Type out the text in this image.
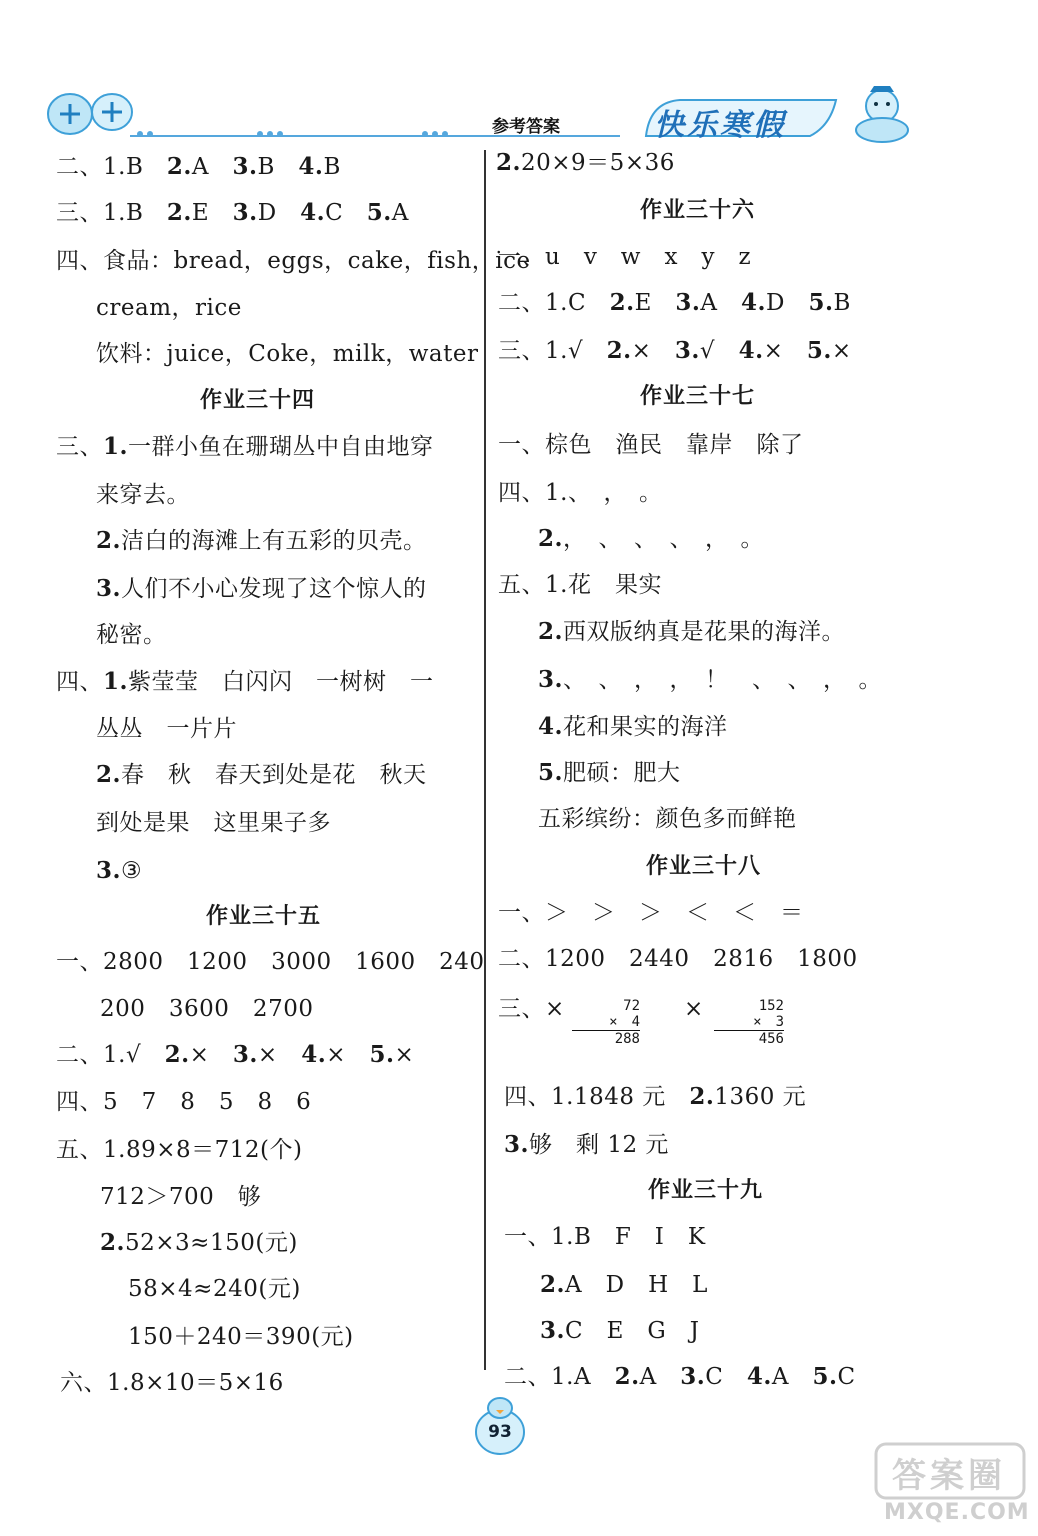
参考答案	快乐寒假
二、1.B　 2.A　 3.B　 4.B
三、1.B　 2.E　 3.D　 4.C　 5.A
四、食品：bread，eggs，cake，fish，ice
cream，rice
饮料：juice，Coke，milk，water
作业三十四
三、1.一群小鱼在珊瑚丛中自由地穿
来穿去。
2.洁白的海滩上有五彩的贝壳。
3.人们不小心发现了这个惊人的
秘密。
四、1.紫莹莹　白闪闪　一树树　一
丛丛　一片片
2.春　秋　春天到处是花　秋天
到处是果　这里果子多
3.③
作业三十五
一、2800　1200　3000　1600　240
200　3600　2700
二、1.√　 2.×　 3.×　 4.×　 5.×
四、5　7　8　5　8　6
五、1.89×8＝712(个)
712＞700　够
2.52×3≈150(元)
58×4≈240(元)
150＋240＝390(元)
六、1.8×10＝5×16
2.20×9＝5×36
作业三十六
一、u　v　w　x　y　z
二、1.C　 2.E　 3.A　 4.D　 5.B
三、1.√　 2.×　 3.√　 4.×　 5.×
作业三十七
一、棕色　渔民　靠岸　除了
四、1.、　，　。
2.，　、　、　、　，　。
五、1.花　果实
2.西双版纳真是花果的海洋。
3.、　、　，　，　！　、　、　，　。
4.花和果实的海洋
5.肥硕：肥大
五彩缤纷：颜色多而鲜艳
作业三十八
一、＞　＞　＞　＜　＜　＝
二、1200　2440　2816　1800
三、×	72
×　4
288
×	152
×　3
456
四、1.1848 元　 2.1360 元
3.够　剩 12 元
作业三十九
一、1.B　F　I　K
2.A　D　H　L
3.C　E　G　J
二、1.A　 2.A　 3.C　 4.A　 5.C
93
答案圈
MXQE.COM
